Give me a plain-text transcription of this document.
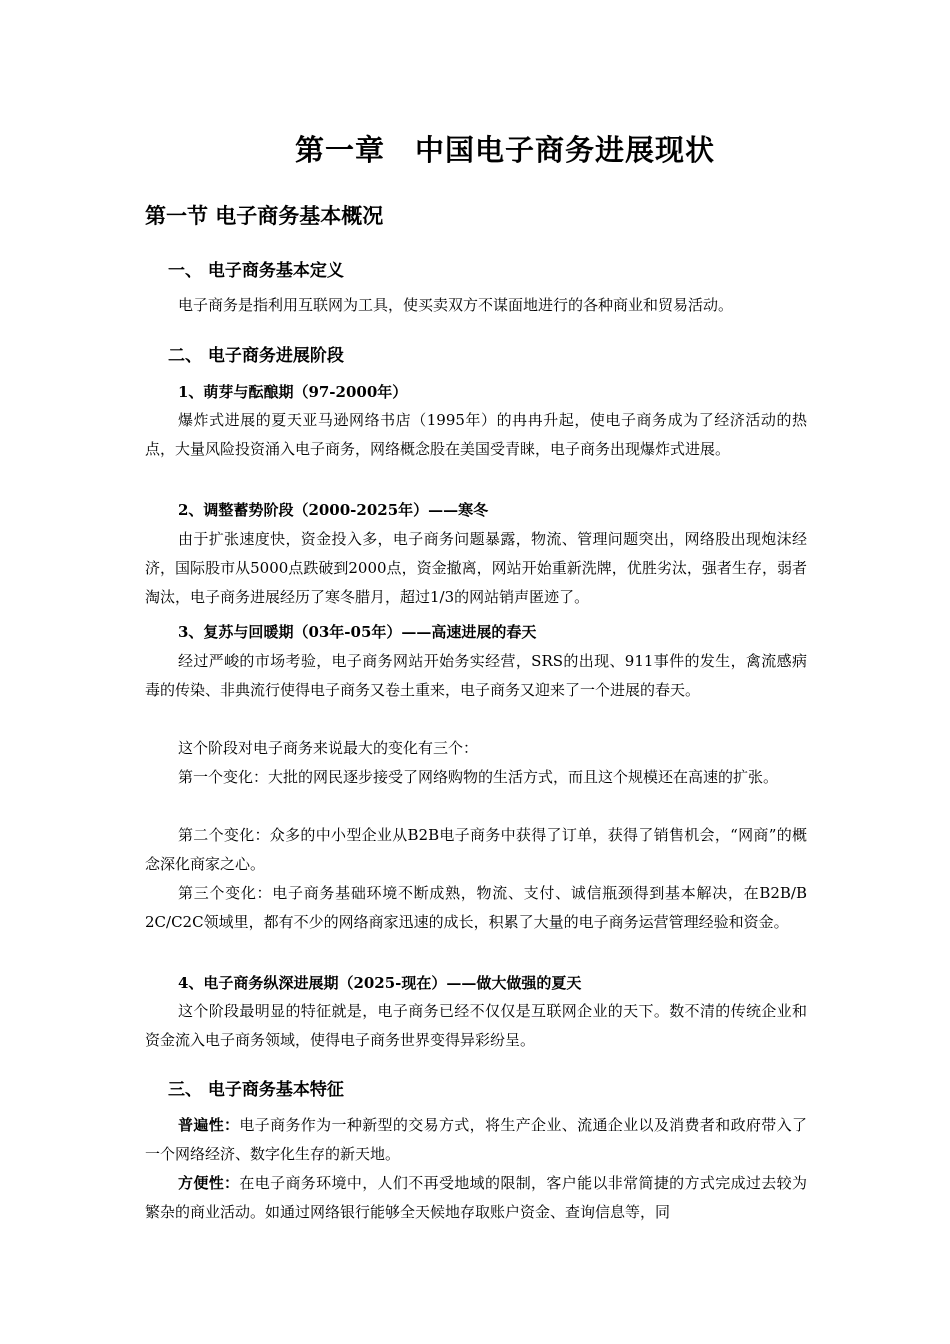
第一章　中国电子商务进展现状
第一节 电子商务基本概况
一、 电子商务基本定义
电子商务是指利用互联网为工具，使买卖双方不谋面地进行的各种商业和贸易活动。
二、 电子商务进展阶段
1、萌芽与酝酿期（97-2000年）
爆炸式进展的夏天亚马逊网络书店（1995年）的冉冉升起，使电子商务成为了经济活动的热点，大量风险投资涌入电子商务，网络概念股在美国受青睐，电子商务出现爆炸式进展。
2、调整蓄势阶段（2000-2025年）——寒冬
由于扩张速度快，资金投入多，电子商务问题暴露，物流、管理问题突出，网络股出现炮沫经济，国际股市从5000点跌破到2000点，资金撤离，网站开始重新洗牌，优胜劣汰，强者生存，弱者淘汰，电子商务进展经历了寒冬腊月，超过1/3的网站销声匿迹了。
3、复苏与回暖期（03年-05年）——高速进展的春天
经过严峻的市场考验，电子商务网站开始务实经营，SRS的出现、911事件的发生，禽流感病毒的传染、非典流行使得电子商务又卷土重来，电子商务又迎来了一个进展的春天。
这个阶段对电子商务来说最大的变化有三个：
第一个变化：大批的网民逐步接受了网络购物的生活方式，而且这个规模还在高速的扩张。
第二个变化：众多的中小型企业从B2B电子商务中获得了订单，获得了销售机会，“网商”的概念深化商家之心。
第三个变化：电子商务基础环境不断成熟，物流、支付、诚信瓶颈得到基本解决，在B2B/B 2C/C2C领域里，都有不少的网络商家迅速的成长，积累了大量的电子商务运营管理经验和资金。
4、电子商务纵深进展期（2025-现在）——做大做强的夏天
这个阶段最明显的特征就是，电子商务已经不仅仅是互联网企业的天下。数不清的传统企业和资金流入电子商务领域，使得电子商务世界变得异彩纷呈。
三、 电子商务基本特征
普遍性：电子商务作为一种新型的交易方式，将生产企业、流通企业以及消费者和政府带入了一个网络经济、数字化生存的新天地。
方便性：在电子商务环境中，人们不再受地域的限制，客户能以非常简捷的方式完成过去较为繁杂的商业活动。如通过网络银行能够全天候地存取账户资金、查询信息等，同
